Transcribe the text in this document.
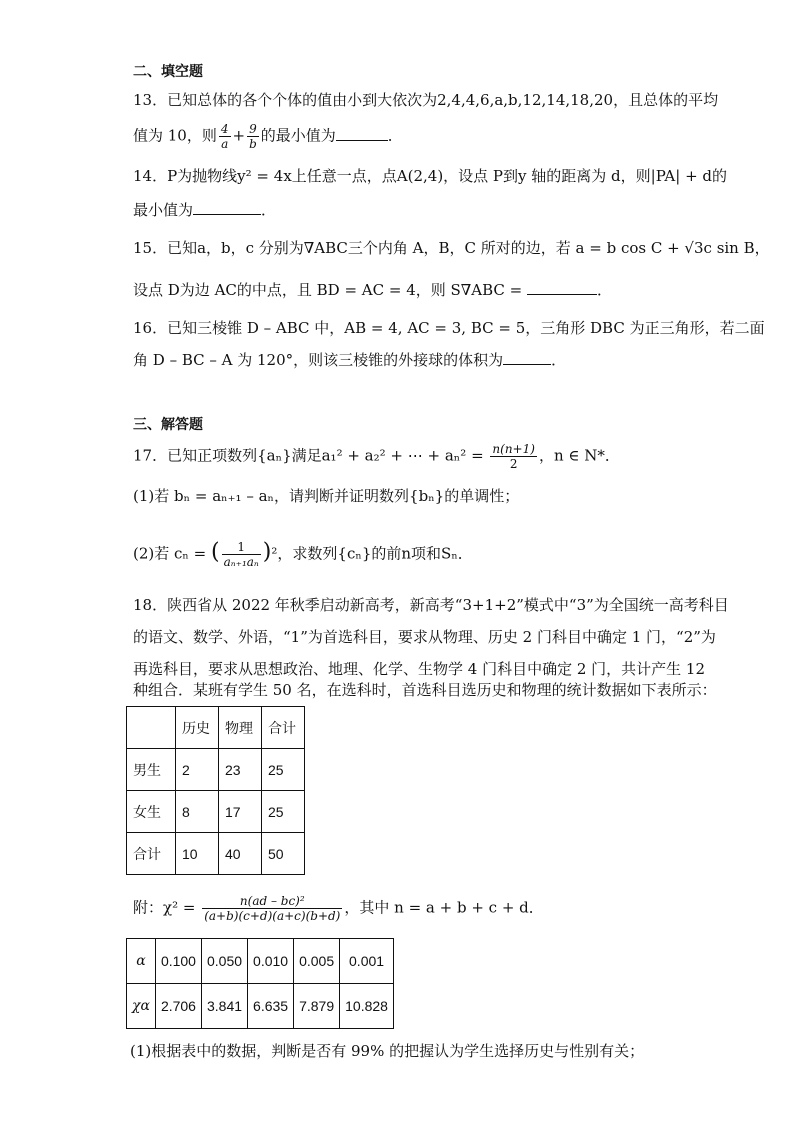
二、填空题
13．已知总体的各个个体的值由小到大依次为2,4,4,6,a,b,12,14,18,20，且总体的平均
值为 10，则 $\frac{4}{a} + \frac{9}{b}$ 的最小值为	．
14．P为抛物线y² = 4x上任意一点，点A(2,4)，设点 P到y 轴的距离为 d，则|PA| + d的
最小值为	．
15．已知a，b，c 分别为∇ABC三个内角 A，B，C 所对的边，若 a = b cos C + √3c sin B，
设点 D为边 AC的中点，且 BD = AC = 4，则 S∇ABC =	．
16．已知三棱锥 D – ABC 中，AB = 4, AC = 3, BC = 5，三角形 DBC 为正三角形，若二面
角 D – BC – A 为 120°，则该三棱锥的外接球的体积为	．
三、解答题
17．已知正项数列{aₙ}满足a₁² + a₂² + ⋯ + $a_n^2 = \frac{n(n+1)}{2}$ ，n ∈ N*．
(1)若 bₙ = aₙ₊₁ – aₙ，请判断并证明数列{bₙ}的单调性；
(2)若 cₙ = ( $\frac{1}{\text{aₙ₊₁aₙ}} )^2$，求数列{cₙ}的前n项和Sₙ．
18．陕西省从 2022 年秋季启动新高考，新高考“3+1+2”模式中“3”为全国统一高考科目
的语文、数学、外语，“1”为首选科目，要求从物理、历史 2 门科目中确定 1 门，“2”为
再选科目，要求从思想政治、地理、化学、生物学 4 门科目中确定 2 门，共计产生 12
种组合．某班有学生 50 名，在选科时，首选科目选历史和物理的统计数据如下表所示：
	历史	物理	合计
男生	2	23	25
女生	8	17	25
合计	10	40	50
附：$\chi^2 = \frac{\text{n(ad – bc)²}}{(a+b)(c+d)(a+c)(b+d)}$ ，其中 n = a + b + c + d．
α	0.100	0.050	0.010	0.005	0.001
χα	2.706	3.841	6.635	7.879	10.828
(1)根据表中的数据，判断是否有 99% 的把握认为学生选择历史与性别有关；
